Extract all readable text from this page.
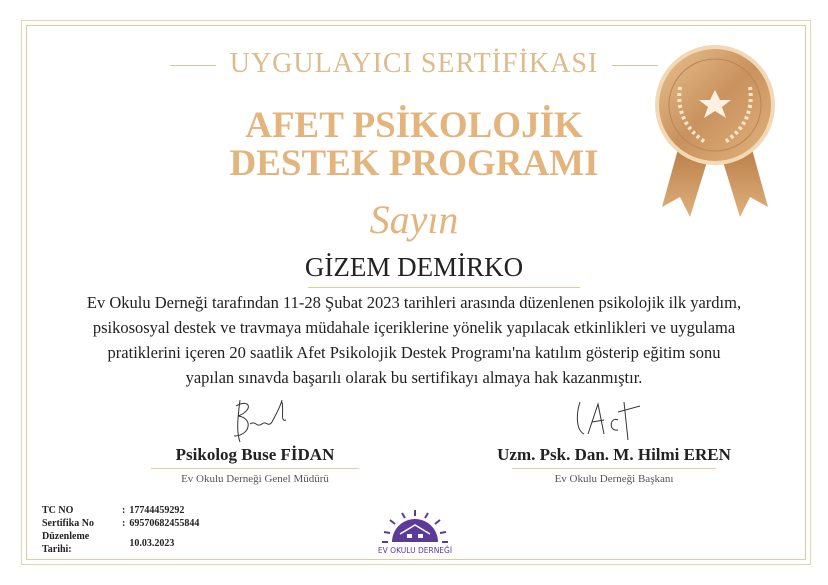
UYGULAYICI SERTİFİKASI
AFET PSİKOLOJİK
DESTEK PROGRAMI
Sayın
GİZEM DEMİRKO
Ev Okulu Derneği tarafından 11-28 Şubat 2023 tarihleri arasında düzenlenen psikolojik ilk yardım,
psikososyal destek ve travmaya müdahale içeriklerine yönelik yapılacak etkinlikleri ve uygulama
pratiklerini içeren 20 saatlik Afet Psikolojik Destek Programı'na katılım gösterip eğitim sonu
yapılan sınavda başarılı olarak bu sertifikayı almaya hak kazanmıştır.
Psikolog Buse FİDAN
Ev Okulu Derneği Genel Müdürü
Uzm. Psk. Dan. M. Hilmi EREN
Ev Okulu Derneği Başkanı
TC NO	:	17744459292
Sertifika No	:	69570682455844
Düzenleme Tarihi:		10.03.2023
EV OKULU DERNEĞİ
